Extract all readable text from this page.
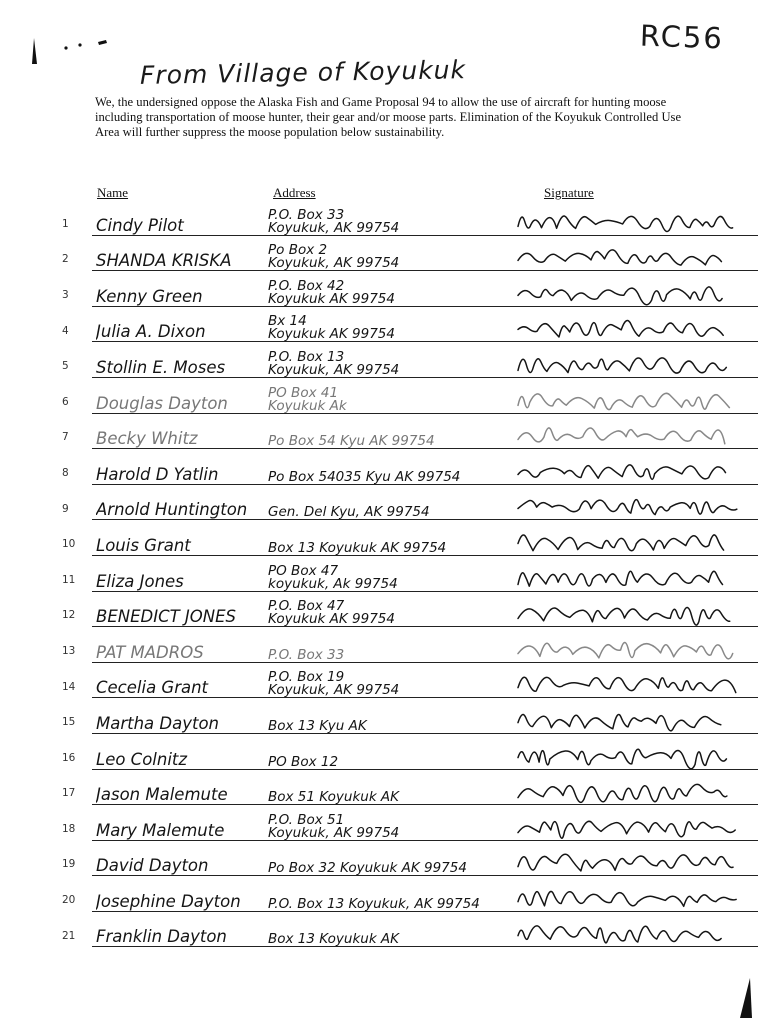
RC56
From Village of Koyukuk
We, the undersigned oppose the Alaska Fish and Game Proposal 94 to allow the use of aircraft for hunting moose including transportation of moose hunter, their gear and/or moose parts. Elimination of the Koyukuk Controlled Use Area will further suppress the moose population below sustainability.
Name	Address	Signature
1	Cindy Pilot
P.O. Box 33
Koyukuk, AK 99754
2	SHANDA KRISKA
Po Box 2
Koyukuk, AK 99754
3	Kenny Green
P.O. Box 42
Koyukuk AK 99754
4	Julia A. Dixon
Bx 14
Koyukuk AK 99754
5	Stollin E. Moses
P.O. Box 13
Koyukuk, AK 99754
6	Douglas Dayton
PO Box 41
Koyukuk Ak
7	Becky Whitz	Po Box 54 Kyu AK 99754
8	Harold D Yatlin	Po Box 54035 Kyu AK 99754
9	Arnold Huntington	Gen. Del Kyu, AK 99754
10	Louis Grant	Box 13 Koyukuk AK 99754
11	Eliza Jones
PO Box 47
koyukuk, Ak 99754
12	BENEDICT JONES
P.O. Box 47
Koyukuk AK 99754
13	PAT MADROS	P.O. Box 33
14	Cecelia Grant
P.O. Box 19
Koyukuk, AK 99754
15	Martha Dayton	Box 13 Kyu AK
16	Leo Colnitz	PO Box 12
17	Jason Malemute	Box 51 Koyukuk AK
18	Mary Malemute
P.O. Box 51
Koyukuk, AK 99754
19	David Dayton	Po Box 32 Koyukuk AK 99754
20	Josephine Dayton	P.O. Box 13 Koyukuk, AK 99754
21	Franklin Dayton	Box 13 Koyukuk AK
